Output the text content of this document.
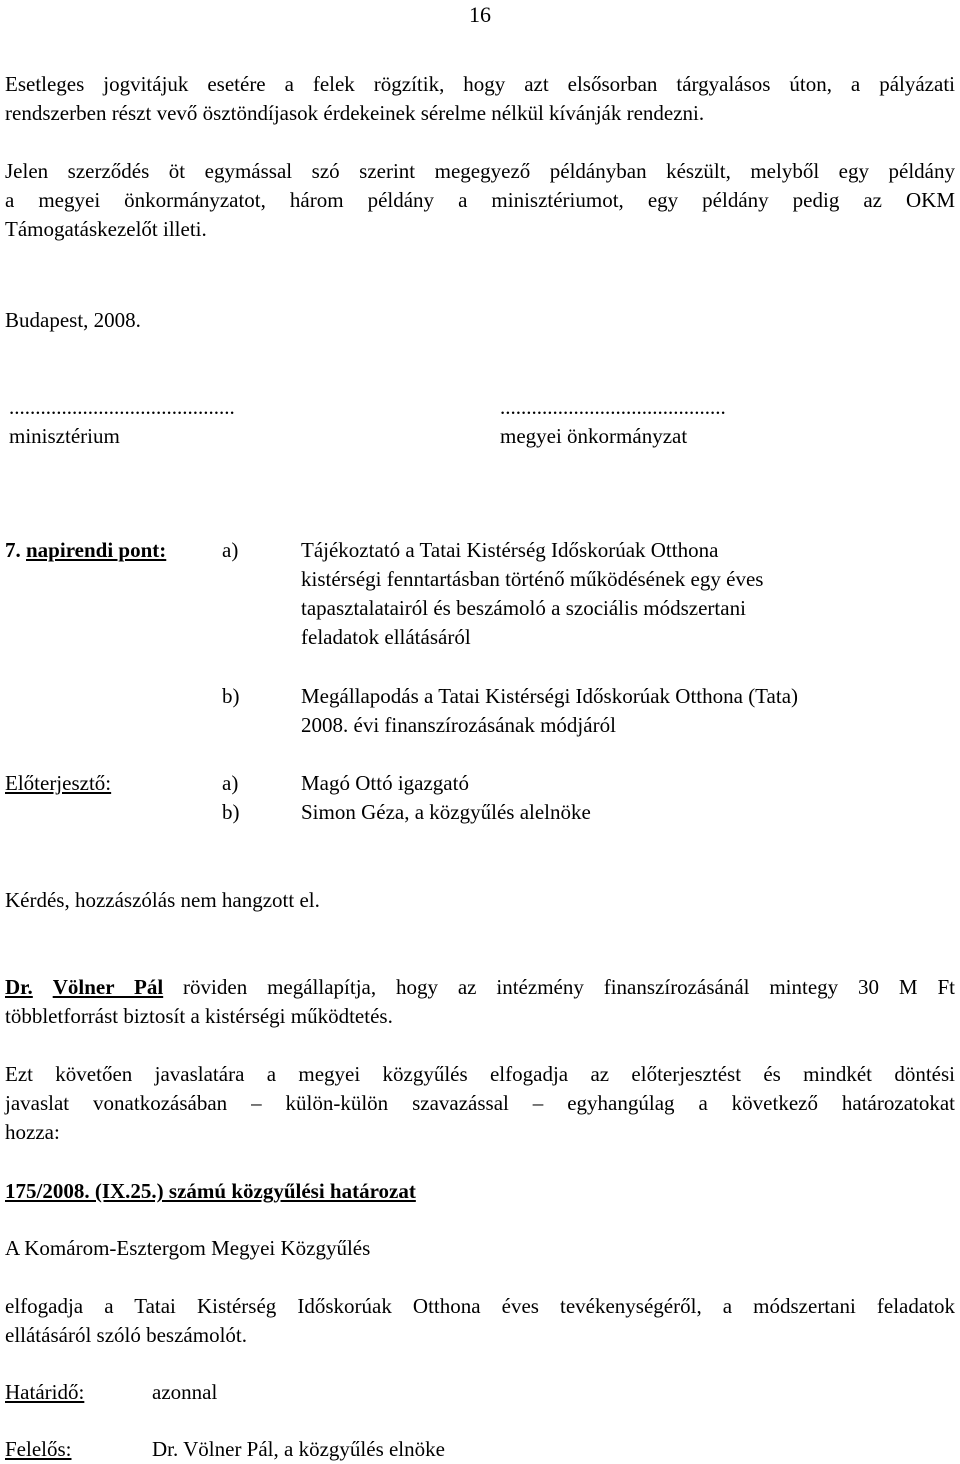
16
Esetleges jogvitájuk esetére a felek rögzítik, hogy azt elsősorban tárgyalásos úton, a pályázati
rendszerben részt vevő ösztöndíjasok érdekeinek sérelme nélkül kívánják rendezni.
Jelen szerződés öt egymással szó szerint megegyező példányban készült, melyből egy példány
a megyei önkormányzatot, három példány a minisztériumot, egy példány pedig az OKM
Támogatáskezelőt illeti.
Budapest, 2008.
...........................................
minisztérium
...........................................
megyei önkormányzat
7. napirendi pont:	a)	Tájékoztató a Tatai Kistérség Időskorúak Otthona
kistérségi fenntartásban történő működésének egy éves
tapasztalatairól és beszámoló a szociális módszertani
feladatok ellátásáról
b)	Megállapodás a Tatai Kistérségi Időskorúak Otthona (Tata)
2008. évi finanszírozásának módjáról
Előterjesztő:	a)	Magó Ottó igazgató
b)	Simon Géza, a közgyűlés alelnöke
Kérdés, hozzászólás nem hangzott el.
Dr. Völner Pál röviden megállapítja, hogy az intézmény finanszírozásánál mintegy 30 M Ft
többletforrást biztosít a kistérségi működtetés.
Ezt követően javaslatára a megyei közgyűlés elfogadja az előterjesztést és mindkét döntési
javaslat vonatkozásában – külön-külön szavazással – egyhangúlag a következő határozatokat
hozza:
175/2008. (IX.25.) számú közgyűlési határozat
A Komárom-Esztergom Megyei Közgyűlés
elfogadja a Tatai Kistérség Időskorúak Otthona éves tevékenységéről, a módszertani feladatok
ellátásáról szóló beszámolót.
Határidő:	azonnal
Felelős:	Dr. Völner Pál, a közgyűlés elnöke
